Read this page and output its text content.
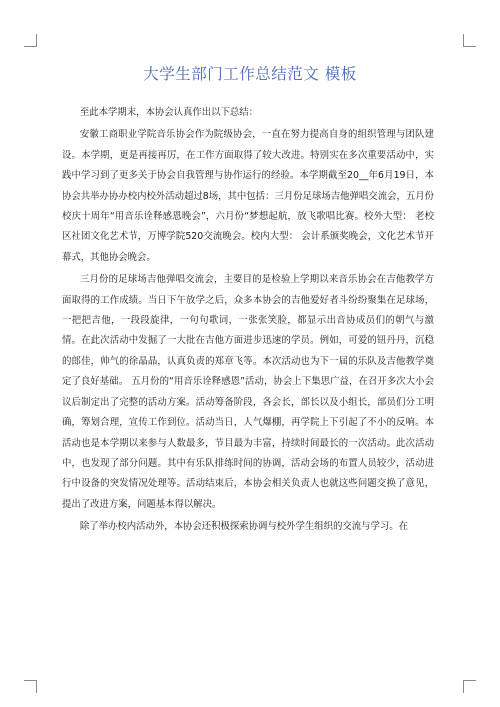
大学生部门工作总结范文 模板

至此本学期末，本协会认真作出以下总结：

安徽工商职业学院音乐协会作为院级协会，一直在努力提高自身的组织管理与团队建设。本学期，更是再接再厉，在工作方面取得了较大改进。特别实在多次重要活动中，实践中学习到了更多关于协会自我管理与协作运行的经验。本学期截至20__年6月19日，本协会共举办协办校内校外活动超过8场，其中包括：三月份足球场吉他弹唱交流会，五月份校庆十周年“用音乐诠释感恩晚会”，六月份“梦想起航，放飞歌唱比赛。校外大型： 老校区社团文化艺术节，万博学院520交流晚会。校内大型： 会计系颁奖晚会，文化艺术节开幕式，其他协会晚会。

三月份的足球场吉他弹唱交流会，主要目的是检验上学期以来音乐协会在吉他教学方面取得的工作成绩。当日下午放学之后，众多本协会的吉他爱好者斗纷纷聚集在足球场，一把把吉他，一段段旋律，一句句歌词，一张张笑脸，都显示出音协成员们的朝气与激情。在此次活动中发掘了一大批在吉他方面进步迅速的学员。例如，可爱的钮丹丹，沉稳的郎佳，帅气的徐晶晶，认真负责的郑章飞等。本次活动也为下一届的乐队及吉他教学奠定了良好基础。 五月份的“用音乐诠释感恩”活动，协会上下集思广益，在召开多次大小会议后制定出了完整的活动方案。活动筹备阶段，各会长，部长以及小组长，部员们分工明确，筹划合理，宣传工作到位。活动当日，人气爆棚，再学院上下引起了不小的反响。本活动也是本学期以来参与人数最多，节目最为丰富，持续时间最长的一次活动。此次活动中，也发现了部分问题。其中有乐队排练时间的协调，活动会场的布置人员较少，活动进行中设备的突发情况处理等。活动结束后，本协会相关负责人也就这些问题交换了意见，提出了改进方案，问题基本得以解决。

除了举办校内活动外，本协会还积极探索协调与校外学生组织的交流与学习。在
